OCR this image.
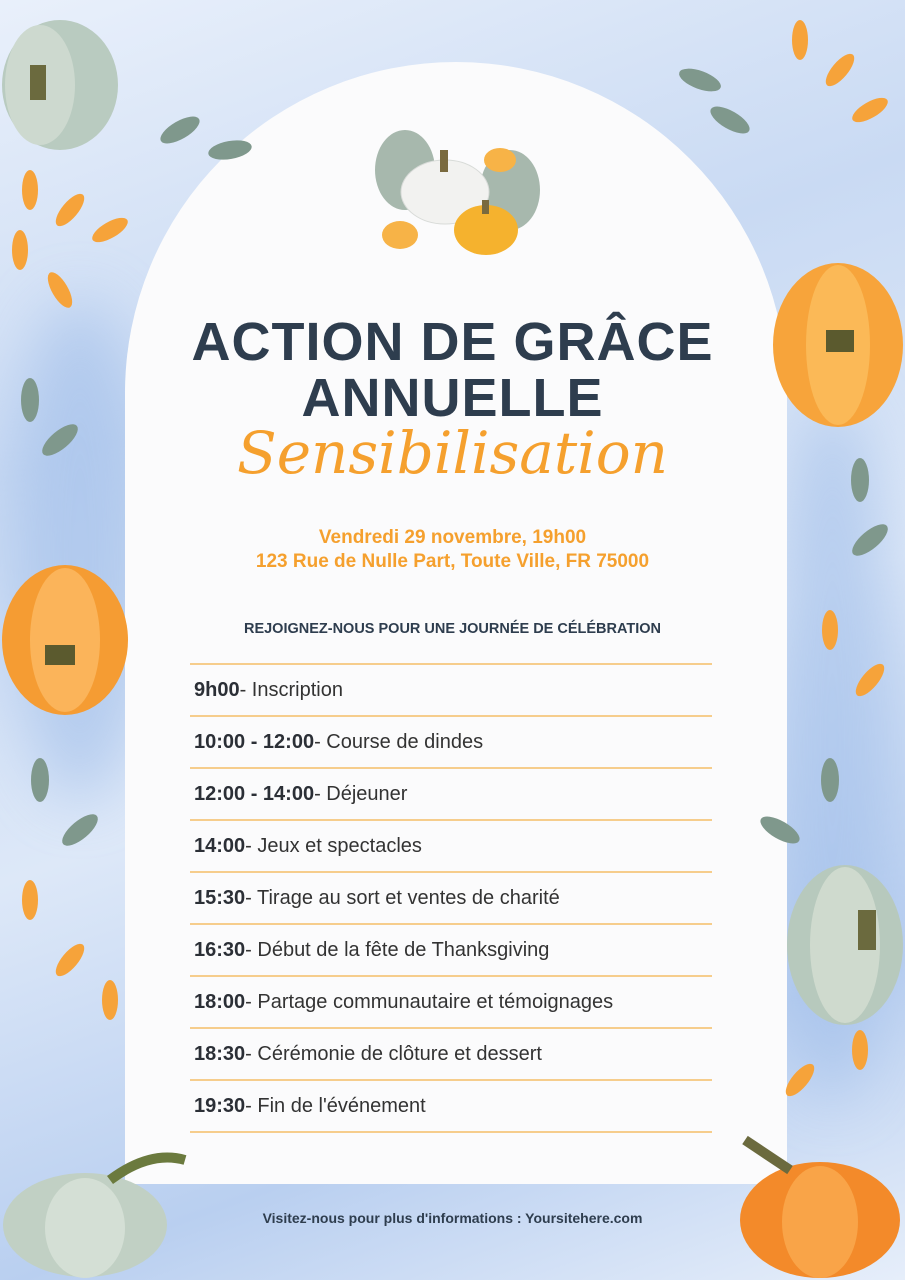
ACTION DE GRÂCE
ANNUELLE
Sensibilisation
Vendredi 29 novembre, 19h00
123 Rue de Nulle Part, Toute Ville, FR 75000
REJOIGNEZ-NOUS POUR UNE JOURNÉE DE CÉLÉBRATION
9h00 - Inscription
10:00 - 12:00 - Course de dindes
12:00 - 14:00 - Déjeuner
14:00 - Jeux et spectacles
15:30 - Tirage au sort et ventes de charité
16:30 - Début de la fête de Thanksgiving
18:00 - Partage communautaire et témoignages
18:30 - Cérémonie de clôture et dessert
19:30 - Fin de l'événement
Visitez-nous pour plus d'informations : Yoursitehere.com
